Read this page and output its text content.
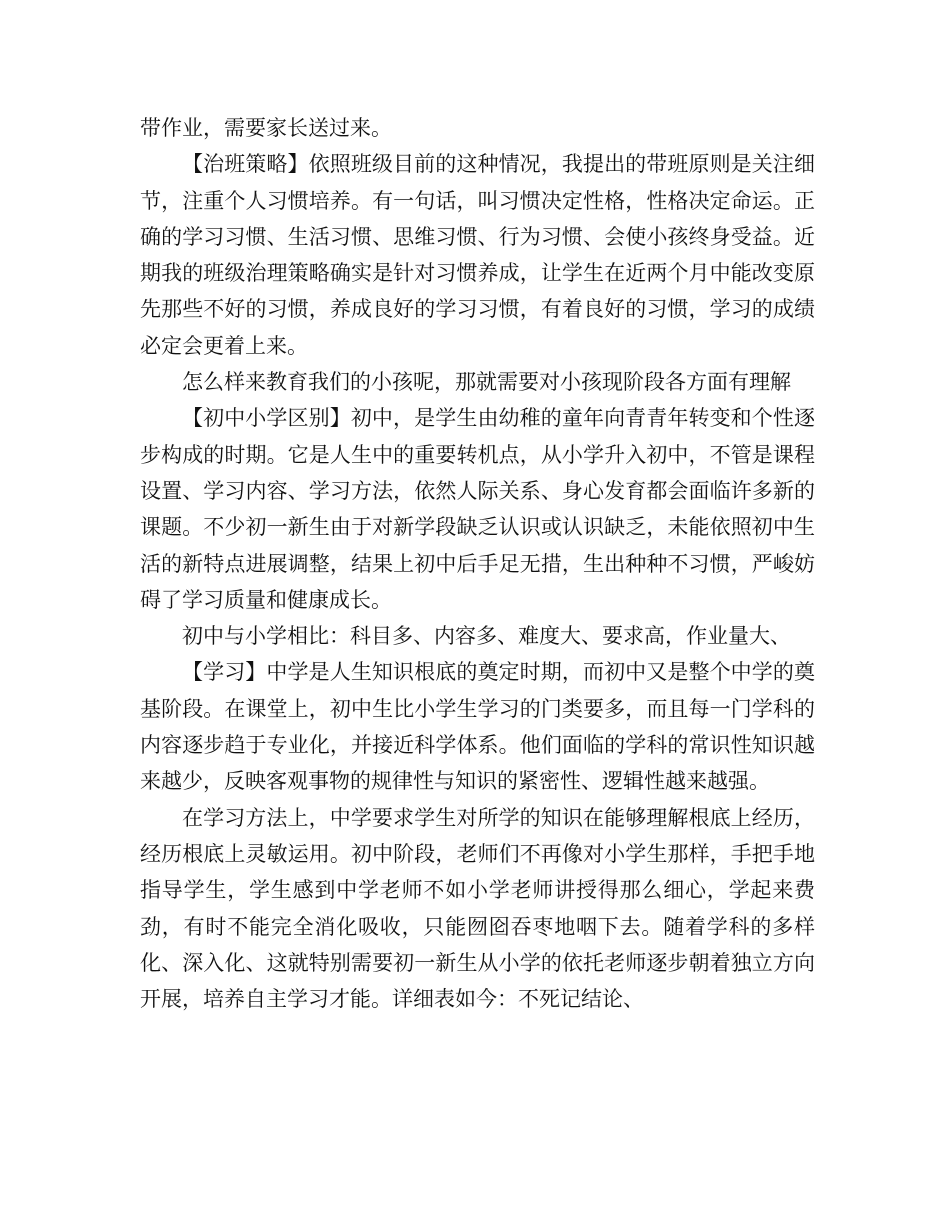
带作业，需要家长送过来。

【治班策略】依照班级目前的这种情况，我提出的带班原则是关注细节，注重个人习惯培养。有一句话，叫习惯决定性格，性格决定命运。正确的学习习惯、生活习惯、思维习惯、行为习惯、会使小孩终身受益。近期我的班级治理策略确实是针对习惯养成，让学生在近两个月中能改变原先那些不好的习惯，养成良好的学习习惯，有着良好的习惯，学习的成绩必定会更着上来。

怎么样来教育我们的小孩呢，那就需要对小孩现阶段各方面有理解

【初中小学区别】初中，是学生由幼稚的童年向青青年转变和个性逐步构成的时期。它是人生中的重要转机点，从小学升入初中，不管是课程设置、学习内容、学习方法，依然人际关系、身心发育都会面临许多新的课题。不少初一新生由于对新学段缺乏认识或认识缺乏，未能依照初中生活的新特点进展调整，结果上初中后手足无措，生出种种不习惯，严峻妨碍了学习质量和健康成长。

初中与小学相比：科目多、内容多、难度大、要求高，作业量大、

【学习】中学是人生知识根底的奠定时期，而初中又是整个中学的奠基阶段。在课堂上，初中生比小学生学习的门类要多，而且每一门学科的内容逐步趋于专业化，并接近科学体系。他们面临的学科的常识性知识越来越少，反映客观事物的规律性与知识的紧密性、逻辑性越来越强。

在学习方法上，中学要求学生对所学的知识在能够理解根底上经历，经历根底上灵敏运用。初中阶段，老师们不再像对小学生那样，手把手地指导学生，学生感到中学老师不如小学老师讲授得那么细心，学起来费劲，有时不能完全消化吸收，只能囫囵吞枣地咽下去。随着学科的多样化、深入化、这就特别需要初一新生从小学的依托老师逐步朝着独立方向开展，培养自主学习才能。详细表如今：不死记结论、
